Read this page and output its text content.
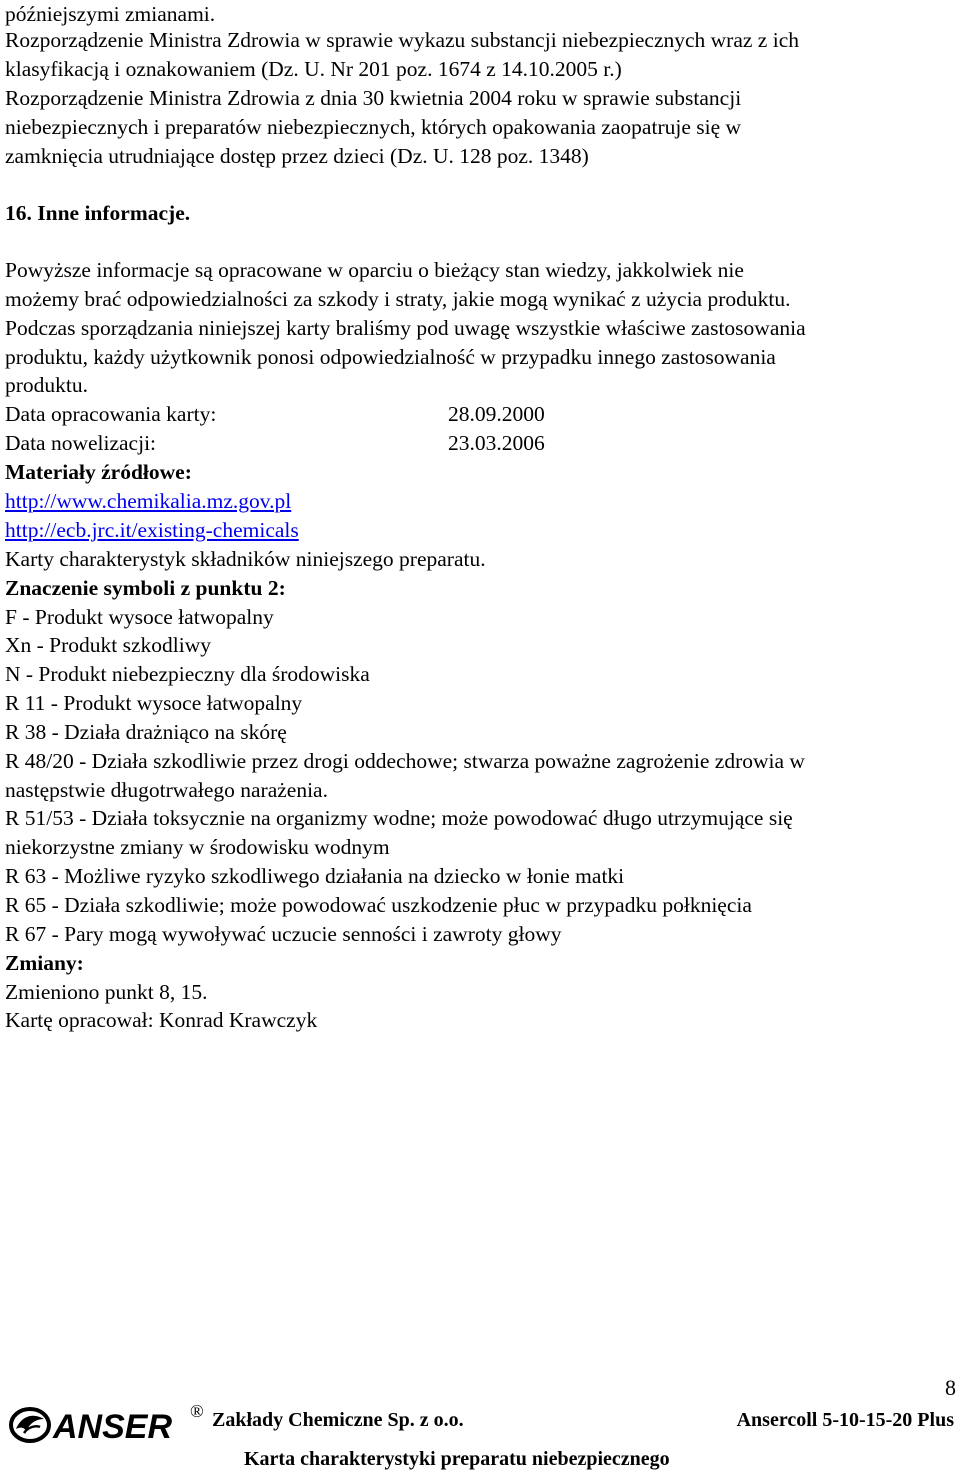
późniejszymi zmianami.
Rozporządzenie Ministra Zdrowia w sprawie wykazu substancji niebezpiecznych wraz z ich
klasyfikacją i oznakowaniem (Dz. U. Nr 201 poz. 1674 z 14.10.2005 r.)
Rozporządzenie Ministra Zdrowia z dnia 30 kwietnia 2004 roku w sprawie substancji
niebezpiecznych i preparatów niebezpiecznych, których opakowania zaopatruje się w
zamknięcia utrudniające dostęp przez dzieci (Dz. U. 128 poz. 1348)
16. Inne informacje.
Powyższe informacje są opracowane w oparciu o bieżący stan wiedzy, jakkolwiek nie
możemy brać odpowiedzialności za szkody i straty, jakie mogą wynikać z użycia produktu.
Podczas sporządzania niniejszej karty braliśmy pod uwagę wszystkie właściwe zastosowania
produktu, każdy użytkownik ponosi odpowiedzialność w przypadku innego zastosowania
produktu.
Data opracowania karty:	28.09.2000
Data nowelizacji:	23.03.2006
Materiały źródłowe:
http://www.chemikalia.mz.gov.pl
http://ecb.jrc.it/existing-chemicals
Karty charakterystyk składników niniejszego preparatu.
Znaczenie symboli z punktu 2:
F - Produkt wysoce łatwopalny
Xn - Produkt szkodliwy
N - Produkt niebezpieczny dla środowiska
R 11 - Produkt wysoce łatwopalny
R 38 - Działa drażniąco na skórę
R 48/20 - Działa szkodliwie przez drogi oddechowe; stwarza poważne zagrożenie zdrowia w
następstwie długotrwałego narażenia.
R 51/53 - Działa toksycznie na organizmy wodne; może powodować długo utrzymujące się
niekorzystne zmiany w środowisku wodnym
R 63 - Możliwe ryzyko szkodliwego działania na dziecko w łonie matki
R 65 - Działa szkodliwie; może powodować uszkodzenie płuc w przypadku połknięcia
R 67 - Pary mogą wywoływać uczucie senności i zawroty głowy
Zmiany:
Zmieniono punkt 8, 15.
Kartę opracował: Konrad Krawczyk
8
ANSER ® Zakłady Chemiczne Sp. z o.o.	Ansercoll 5-10-15-20 Plus
Karta charakterystyki preparatu niebezpiecznego
